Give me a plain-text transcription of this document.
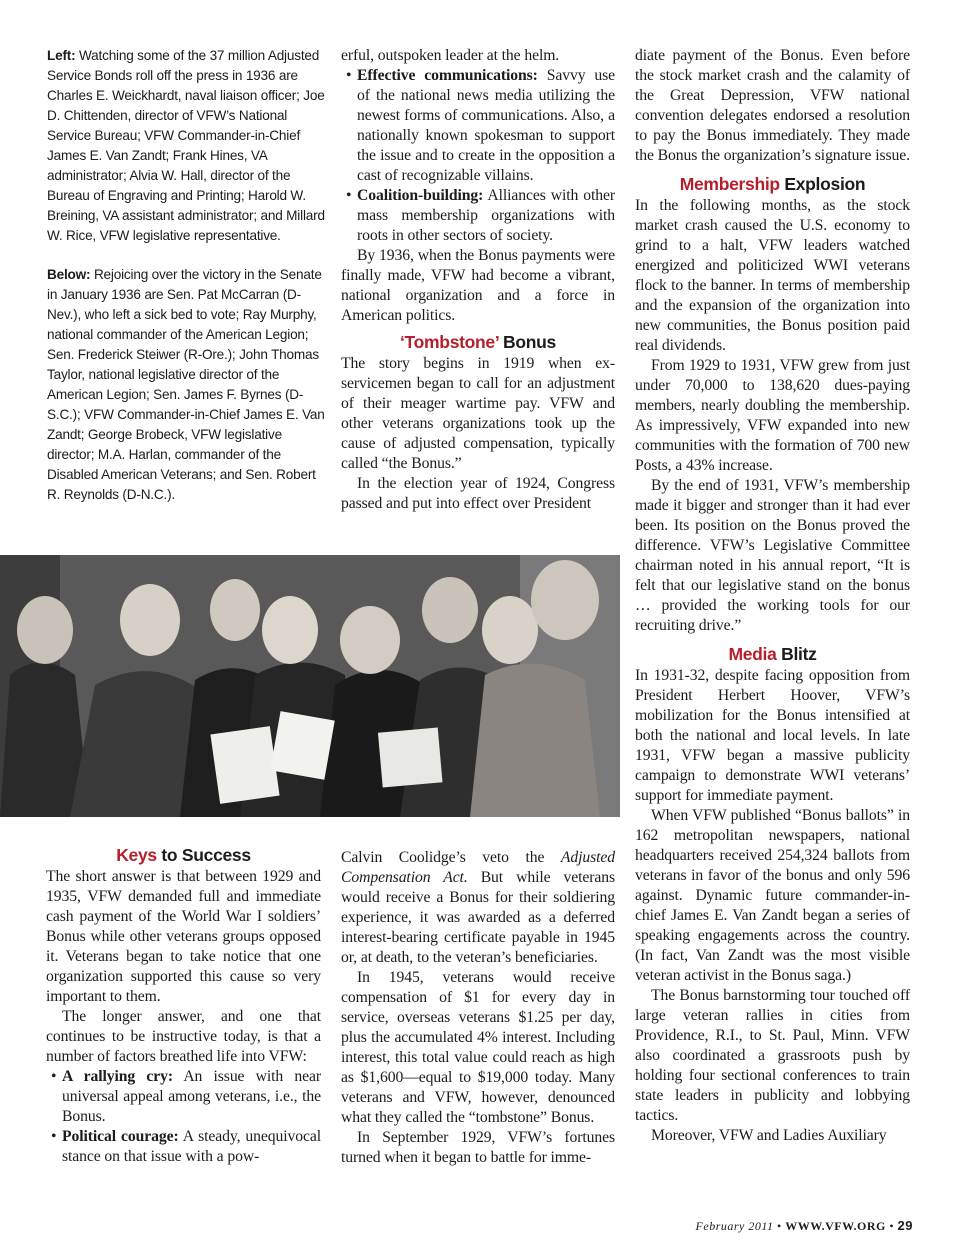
Left: Watching some of the 37 million Adjusted Service Bonds roll off the press in 1936 are Charles E. Weickhardt, naval liaison officer; Joe D. Chittenden, director of VFW’s National Service Bureau; VFW Commander-in-Chief James E. Van Zandt; Frank Hines, VA administrator; Alvia W. Hall, director of the Bureau of Engraving and Printing; Harold W. Breining, VA assistant administrator; and Millard W. Rice, VFW legislative representative.

Below: Rejoicing over the victory in the Senate in January 1936 are Sen. Pat McCarran (D-Nev.), who left a sick bed to vote; Ray Murphy, national commander of the American Legion; Sen. Frederick Steiwer (R-Ore.); John Thomas Taylor, national legislative director of the American Legion; Sen. James F. Byrnes (D-S.C.); VFW Commander-in-Chief James E. Van Zandt; George Brobeck, VFW legislative director; M.A. Harlan, commander of the Disabled American Veterans; and Sen. Robert R. Reynolds (D-N.C.).

erful, outspoken leader at the helm.

• Effective communications: Savvy use of the national news media utilizing the newest forms of communications. Also, a nationally known spokesman to support the issue and to create in the opposition a cast of recognizable villains.
• Coalition-building: Alliances with other mass membership organizations with roots in other sectors of society.

By 1936, when the Bonus payments were finally made, VFW had become a vibrant, national organization and a force in American politics.

‘Tombstone’ Bonus

The story begins in 1919 when ex-servicemen began to call for an adjustment of their meager wartime pay. VFW and other veterans organizations took up the cause of adjusted compensation, typically called “the Bonus.”

In the election year of 1924, Congress passed and put into effect over President

Keys to Success

The short answer is that between 1929 and 1935, VFW demanded full and immediate cash payment of the World War I soldiers’ Bonus while other veterans groups opposed it. Veterans began to take notice that one organization supported this cause so very important to them.

The longer answer, and one that continues to be instructive today, is that a number of factors breathed life into VFW:

• A rallying cry: An issue with near universal appeal among veterans, i.e., the Bonus.
• Political courage: A steady, unequivocal stance on that issue with a pow-

Calvin Coolidge’s veto the Adjusted Compensation Act. But while veterans would receive a Bonus for their soldiering experience, it was awarded as a deferred interest-bearing certificate payable in 1945 or, at death, to the veteran’s beneficiaries.

In 1945, veterans would receive compensation of $1 for every day in service, overseas veterans $1.25 per day, plus the accumulated 4% interest. Including interest, this total value could reach as high as $1,600—equal to $19,000 today. Many veterans and VFW, however, denounced what they called the “tombstone” Bonus.

In September 1929, VFW’s fortunes turned when it began to battle for imme-

diate payment of the Bonus. Even before the stock market crash and the calamity of the Great Depression, VFW national convention delegates endorsed a resolution to pay the Bonus immediately. They made the Bonus the organization’s signature issue.

Membership Explosion

In the following months, as the stock market crash caused the U.S. economy to grind to a halt, VFW leaders watched energized and politicized WWI veterans flock to the banner. In terms of membership and the expansion of the organization into new communities, the Bonus position paid real dividends.

From 1929 to 1931, VFW grew from just under 70,000 to 138,620 dues-paying members, nearly doubling the membership. As impressively, VFW expanded into new communities with the formation of 700 new Posts, a 43% increase.

By the end of 1931, VFW’s membership made it bigger and stronger than it had ever been. Its position on the Bonus proved the difference. VFW’s Legislative Committee chairman noted in his annual report, “It is felt that our legislative stand on the bonus … provided the working tools for our recruiting drive.”

Media Blitz

In 1931-32, despite facing opposition from President Herbert Hoover, VFW’s mobilization for the Bonus intensified at both the national and local levels. In late 1931, VFW began a massive publicity campaign to demonstrate WWI veterans’ support for immediate payment.

When VFW published “Bonus ballots” in 162 metropolitan newspapers, national headquarters received 254,324 ballots from veterans in favor of the bonus and only 596 against. Dynamic future commander-in-chief James E. Van Zandt began a series of speaking engagements across the country. (In fact, Van Zandt was the most visible veteran activist in the Bonus saga.)

The Bonus barnstorming tour touched off large veteran rallies in cities from Providence, R.I., to St. Paul, Minn. VFW also coordinated a grassroots push by holding four sectional conferences to train state leaders in publicity and lobbying tactics.

Moreover, VFW and Ladies Auxiliary

February 2011 • WWW.VFW.ORG • 29
